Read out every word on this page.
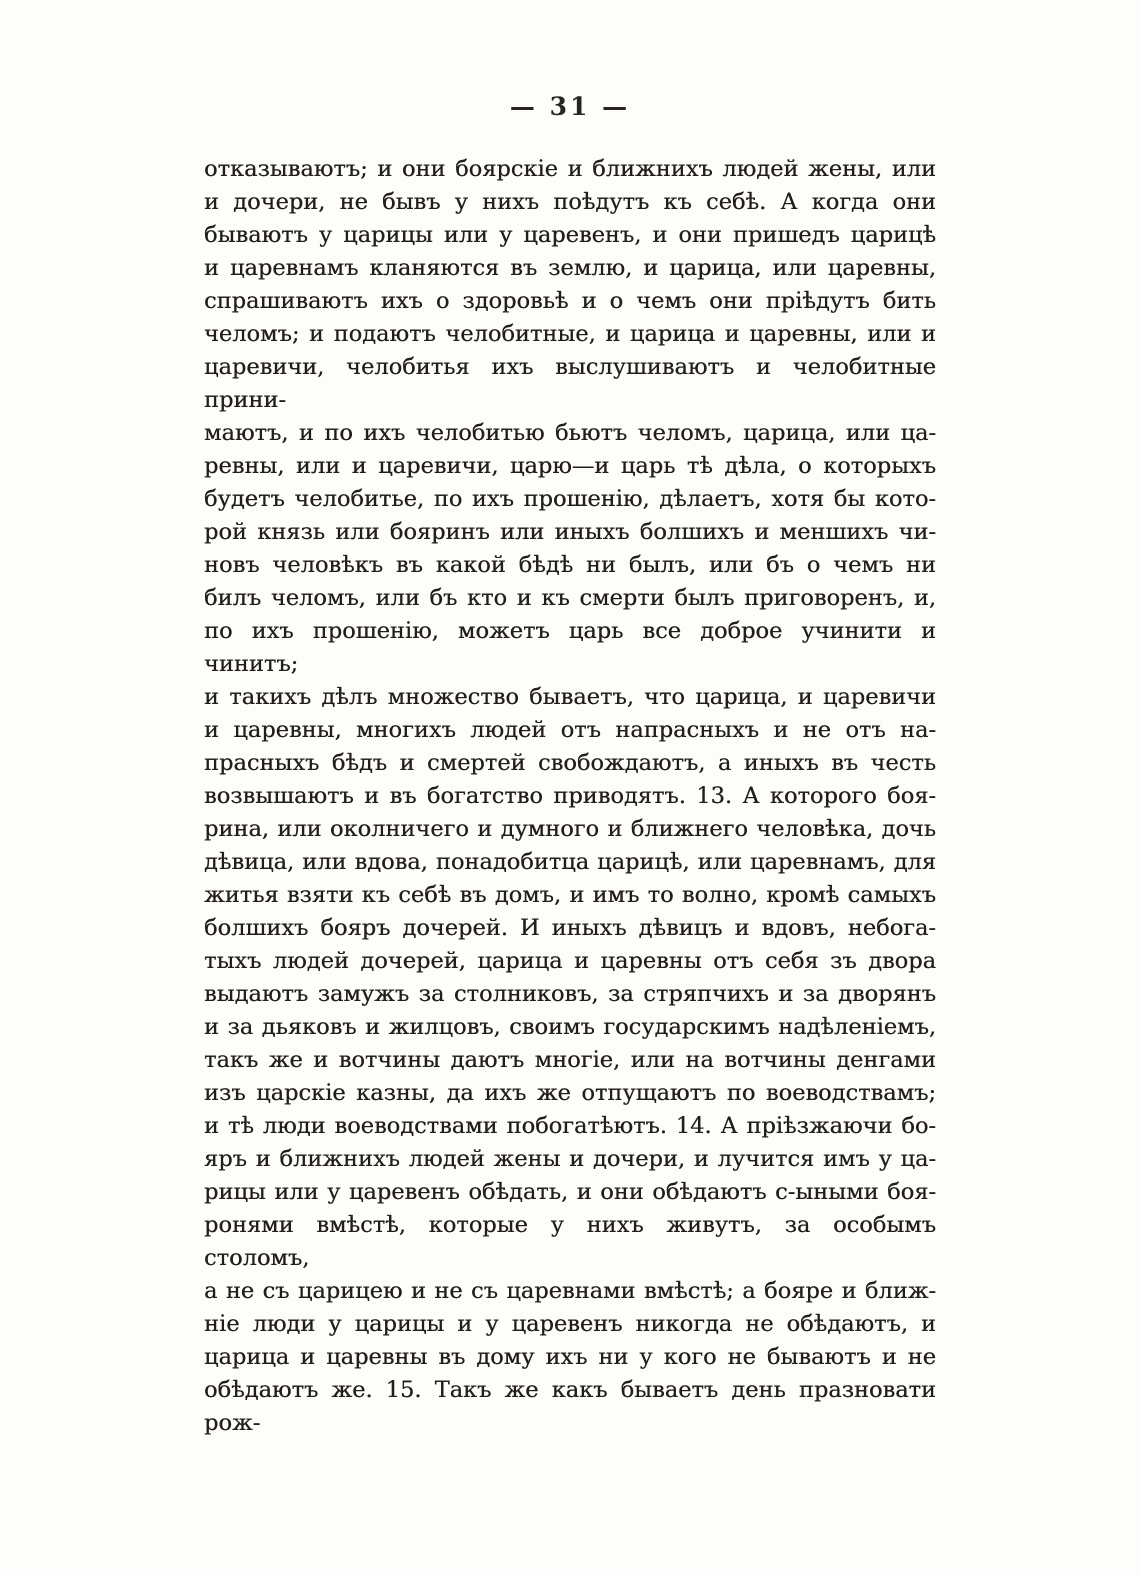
— 31 —
отказываютъ; и они боярскіе и ближнихъ людей жены, или
и дочери, не бывъ у нихъ поѣдутъ къ себѣ. А когда они
бываютъ у царицы или у царевенъ, и они пришедъ царицѣ
и царевнамъ кланяются въ землю, и царица, или царевны,
спрашиваютъ ихъ о здоровьѣ и о чемъ они пріѣдутъ бить
челомъ; и подаютъ челобитные, и царица и царевны, или и
царевичи, челобитья ихъ выслушиваютъ и челобитные прини-
маютъ, и по ихъ челобитью бьютъ челомъ, царица, или ца-
ревны, или и царевичи, царю—и царь тѣ дѣла, о которыхъ
будетъ челобитье, по ихъ прошенію, дѣлаетъ, хотя бы кото-
рой князь или бояринъ или иныхъ болшихъ и меншихъ чи-
новъ человѣкъ въ какой бѣдѣ ни былъ, или бъ о чемъ ни
билъ челомъ, или бъ кто и къ смерти былъ приговоренъ, и,
по ихъ прошенію, можетъ царь все доброе учинити и чинитъ;
и такихъ дѣлъ множество бываетъ, что царица, и царевичи
и царевны, многихъ людей отъ напрасныхъ и не отъ на-
прасныхъ бѣдъ и смертей свобождаютъ, а иныхъ въ честь
возвышаютъ и въ богатство приводятъ. 13. А которого боя-
рина, или околничего и думного и ближнего человѣка, дочь
дѣвица, или вдова, понадобитца царицѣ, или царевнамъ, для
житья взяти къ себѣ въ домъ, и имъ то волно, кромѣ самыхъ
болшихъ бояръ дочерей. И иныхъ дѣвицъ и вдовъ, небога-
тыхъ людей дочерей, царица и царевны отъ себя зъ двора
выдаютъ замужъ за столниковъ, за стряпчихъ и за дворянъ
и за дьяковъ и жилцовъ, своимъ государскимъ надѣленіемъ,
такъ же и вотчины даютъ многіе, или на вотчины денгами
изъ царскіе казны, да ихъ же отпущаютъ по воеводствамъ;
и тѣ люди воеводствами побогатѣютъ. 14. А пріѣзжаючи бо-
яръ и ближнихъ людей жены и дочери, и лучится имъ у ца-
рицы или у царевенъ обѣдать, и они обѣдаютъ с-ыными боя-
ронями вмѣстѣ, которые у нихъ живутъ, за особымъ столомъ,
а не съ царицею и не съ царевнами вмѣстѣ; а бояре и ближ-
ніе люди у царицы и у царевенъ никогда не обѣдаютъ, и
царица и царевны въ дому ихъ ни у кого не бываютъ и не
обѣдаютъ же. 15. Такъ же какъ бываетъ день празновати рож-
